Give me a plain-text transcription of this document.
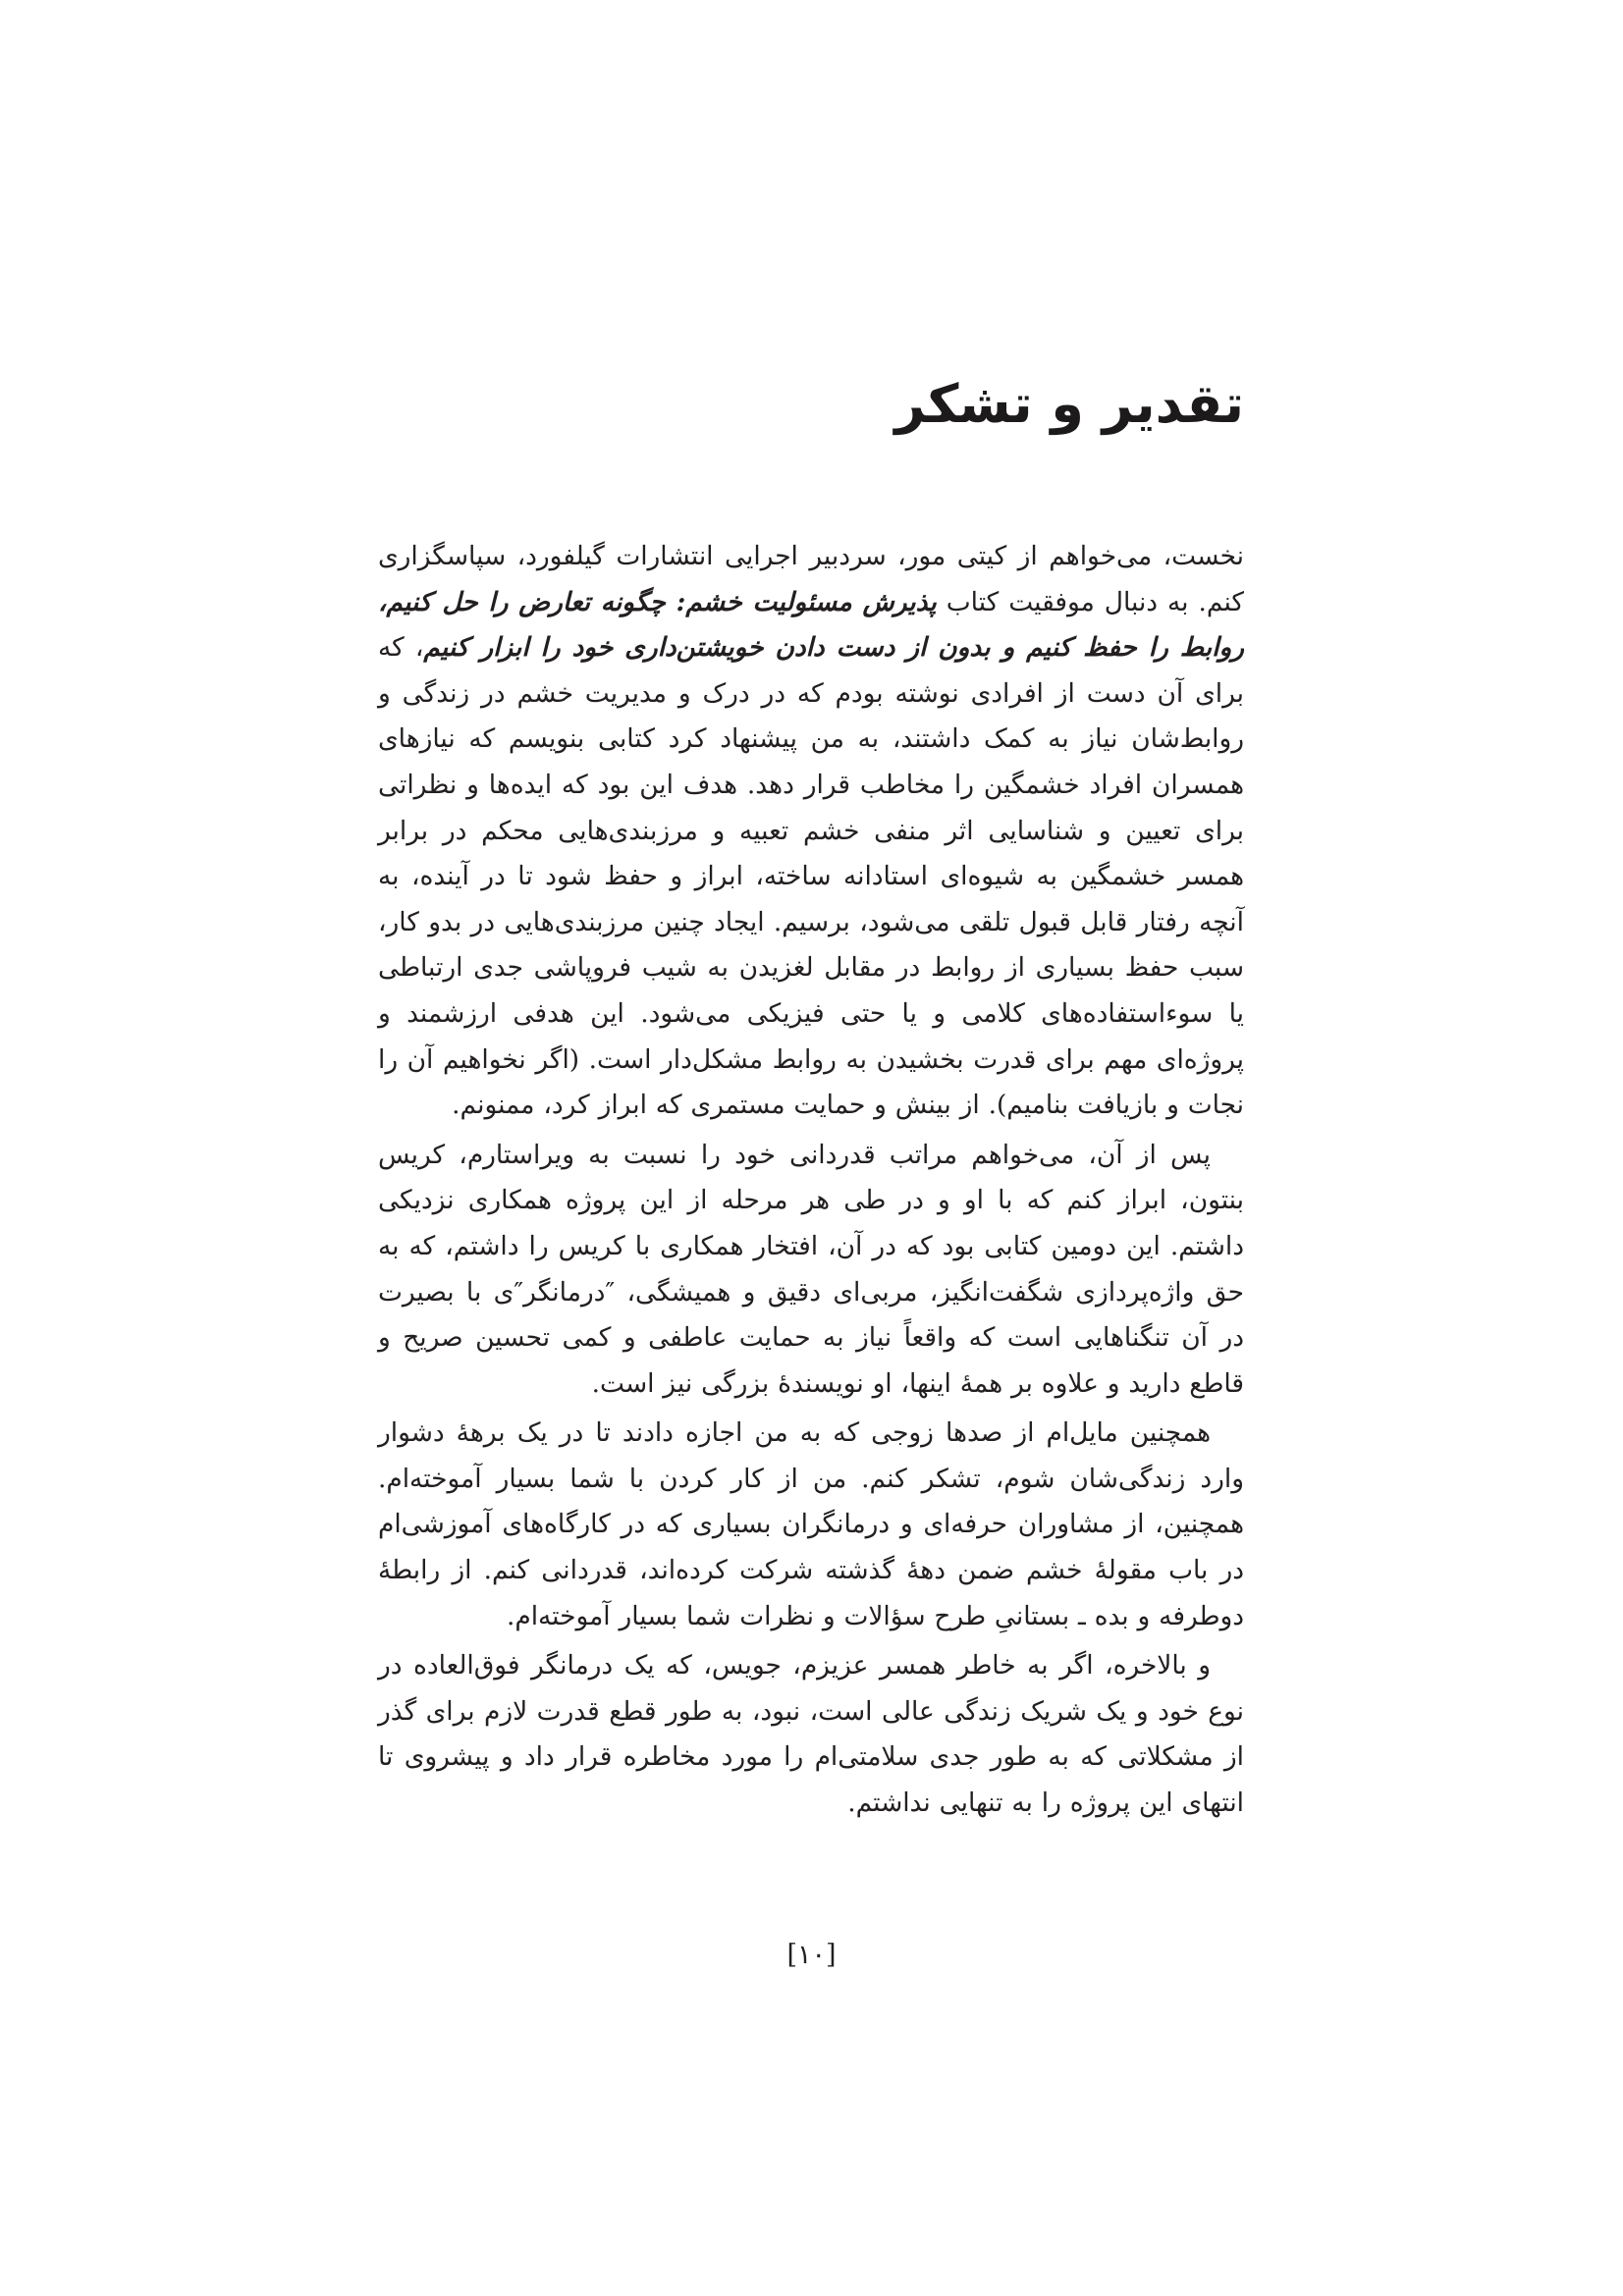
تقدیر و تشکر

نخست، می‌خواهم از کیتی مور، سردبیر اجرایی انتشارات گیلفورد، سپاسگزاری کنم. به دنبال موفقیت کتاب پذیرش مسئولیت خشم: چگونه تعارض را حل کنیم، روابط را حفظ کنیم و بدون از دست دادن خویشتن‌داری خود را ابزار کنیم، که برای آن دست از افرادی نوشته بودم که در درک و مدیریت خشم در زندگی و روابط‌شان نیاز به کمک داشتند، به من پیشنهاد کرد کتابی بنویسم که نیازهای همسران افراد خشمگین را مخاطب قرار دهد. هدف این بود که ایده‌ها و نظراتی برای تعیین و شناسایی اثر منفی خشم تعبیه و مرزبندی‌هایی محکم در برابر همسر خشمگین به شیوه‌ای استادانه ساخته، ابراز و حفظ شود تا در آینده، به آنچه رفتار قابل قبول تلقی می‌شود، برسیم. ایجاد چنین مرزبندی‌هایی در بدو کار، سبب حفظ بسیاری از روابط در مقابل لغزیدن به شیب فروپاشی جدی ارتباطی یا سوءاستفاده‌های کلامی و یا حتی فیزیکی می‌شود. این هدفی ارزشمند و پروژه‌ای مهم برای قدرت بخشیدن به روابط مشکل‌دار است. (اگر نخواهیم آن را نجات و بازیافت بنامیم). از بینش و حمایت مستمری که ابراز کرد، ممنونم.

پس از آن، می‌خواهم مراتب قدردانی خود را نسبت به ویراستارم، کریس بنتون، ابراز کنم که با او و در طی هر مرحله از این پروژه همکاری نزدیکی داشتم. این دومین کتابی بود که در آن، افتخار همکاری با کریس را داشتم، که به حق واژه‌پردازی شگفت‌انگیز، مربی‌ای دقیق و همیشگی، ″درمانگر″ی با بصیرت در آن تنگناهایی است که واقعاً نیاز به حمایت عاطفی و کمی تحسین صریح و قاطع دارید و علاوه بر همهٔ اینها، او نویسندهٔ بزرگی نیز است.

همچنین مایل‌ام از صدها زوجی که به من اجازه دادند تا در یک برههٔ دشوار وارد زندگی‌شان شوم، تشکر کنم. من از کار کردن با شما بسیار آموخته‌ام. همچنین، از مشاوران حرفه‌ای و درمانگران بسیاری که در کارگاه‌های آموزشی‌ام در باب مقولهٔ خشم ضمن دههٔ گذشته شرکت کرده‌اند، قدردانی کنم. از رابطهٔ دوطرفه و بده ـ بستانیِ طرح سؤالات و نظرات شما بسیار آموخته‌ام.

و بالاخره، اگر به خاطر همسر عزیزم، جویس، که یک درمانگر فوق‌العاده در نوع خود و یک شریک زندگی عالی است، نبود، به طور قطع قدرت لازم برای گذر از مشکلاتی که به طور جدی سلامتی‌ام را مورد مخاطره قرار داد و پیشروی تا انتهای این پروژه را به تنهایی نداشتم.

[۱۰]
